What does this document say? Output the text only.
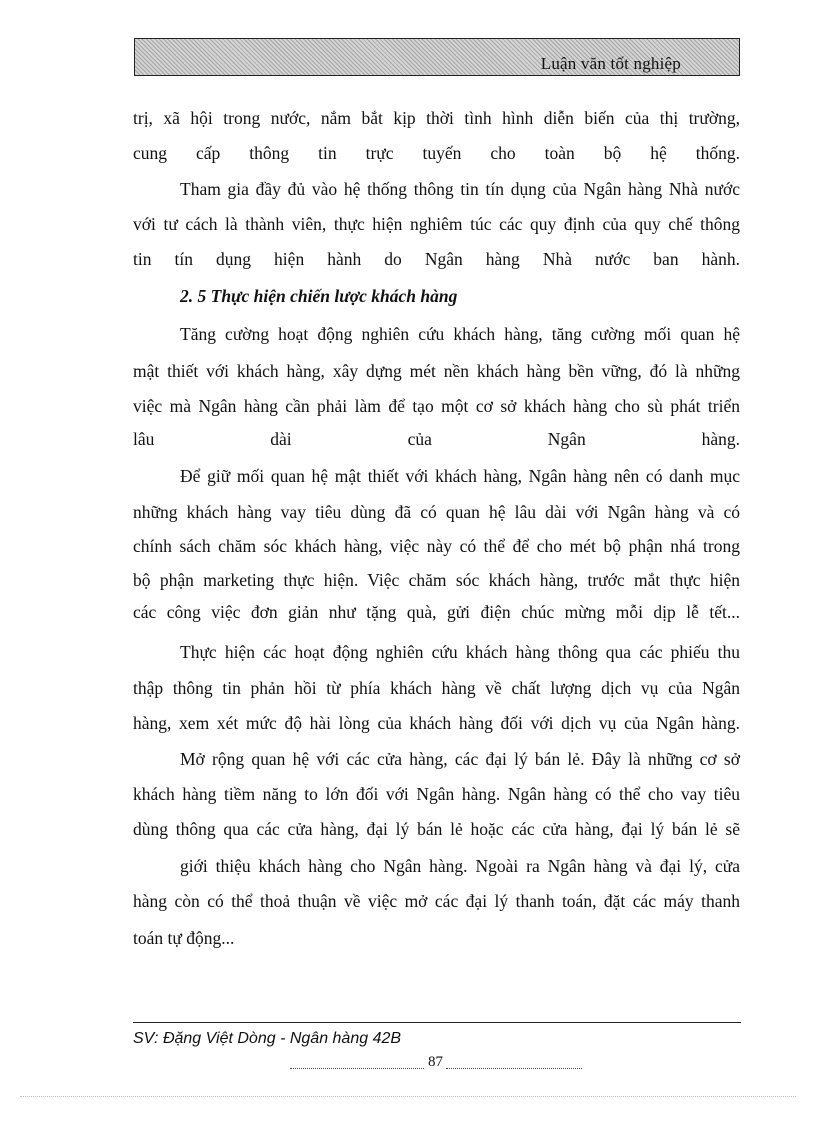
Luận văn tốt nghiệp
trị, xã hội trong nước, nắm bắt kịp thời tình hình diễn biến của thị trường,
cung cấp thông tin trực tuyến cho toàn bộ hệ thống.
Tham gia đầy đủ vào hệ thống thông tin tín dụng của Ngân hàng Nhà nước
với tư cách là thành viên, thực hiện nghiêm túc các quy định của quy chế thông
tin tín dụng hiện hành do Ngân hàng Nhà nước ban hành.
2. 5 Thực hiện chiến lược khách hàng
Tăng cường hoạt động nghiên cứu khách hàng, tăng cường mối quan hệ
mật thiết với khách hàng, xây dựng mét nền khách hàng bền vững, đó là những
việc mà Ngân hàng cần phải làm để tạo một cơ sở khách hàng cho sù phát triển
lâu dài của Ngân hàng.
Để giữ mối quan hệ mật thiết với khách hàng, Ngân hàng nên có danh mục
những khách hàng vay tiêu dùng đã có quan hệ lâu dài với Ngân hàng và có
chính sách chăm sóc khách hàng, việc này có thể để cho mét bộ phận nhá trong
bộ phận marketing thực hiện. Việc chăm sóc khách hàng, trước mắt thực hiện
các công việc đơn giản như tặng quà, gửi điện chúc mừng mỗi dịp lễ tết...
Thực hiện các hoạt động nghiên cứu khách hàng thông qua các phiếu thu
thập thông tin phản hồi từ phía khách hàng về chất lượng dịch vụ của Ngân
hàng, xem xét mức độ hài lòng của khách hàng đối với dịch vụ của Ngân hàng.
Mở rộng quan hệ với các cửa hàng, các đại lý bán lẻ. Đây là những cơ sở
khách hàng tiềm năng to lớn đối với Ngân hàng. Ngân hàng có thể cho vay tiêu
dùng thông qua các cửa hàng, đại lý bán lẻ hoặc các cửa hàng, đại lý bán lẻ sẽ
giới thiệu khách hàng cho Ngân hàng. Ngoài ra Ngân hàng và đại lý, cửa
hàng còn có thể thoả thuận về việc mở các đại lý thanh toán, đặt các máy thanh
toán tự động...
SV: Đặng Việt Dòng - Ngân hàng 42B
87
